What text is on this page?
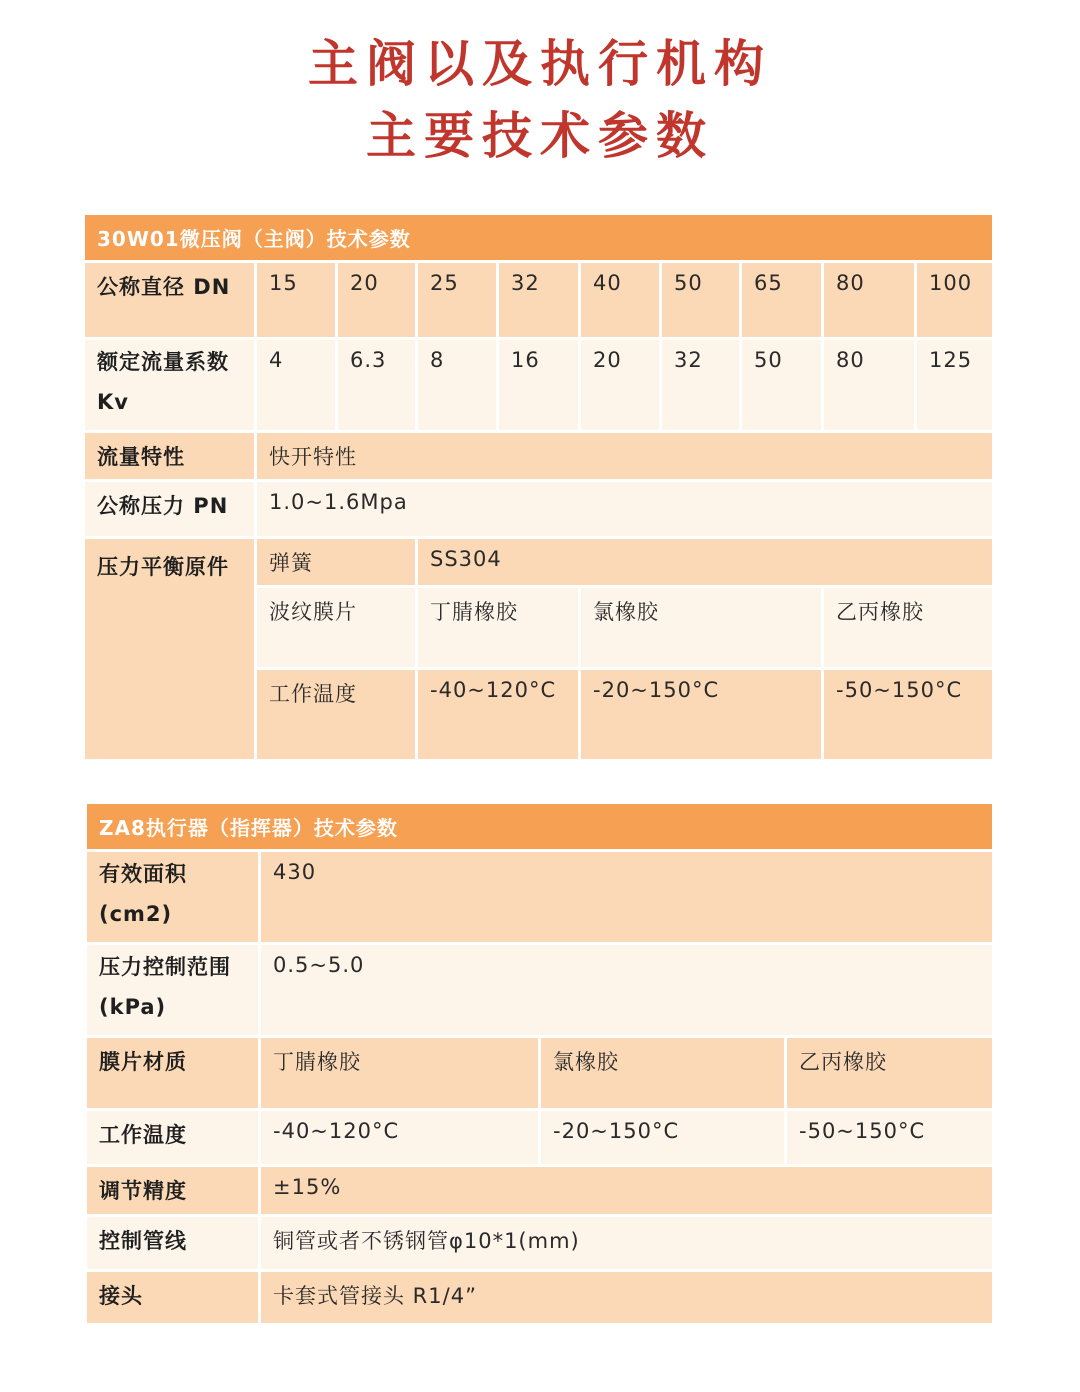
主阀以及执行机构
主要技术参数
30W01微压阀（主阀）技术参数									
公称直径 DN	15	20	25	32	40	50	65	80	100
额定流量系数 Kv	4	6.3	8	16	20	32	50	80	125
流量特性	快开特性								
公称压力 PN	1.0~1.6Mpa								
压力平衡原件	弹簧		SS304						
	波纹膜片		丁腈橡胶		氯橡胶			乙丙橡胶	
	工作温度		-40~120°C		-20~150°C			-50~150°C	
ZA8执行器（指挥器）技术参数			
有效面积(cm2)	430		
压力控制范围(kPa)	0.5~5.0		
膜片材质	丁腈橡胶	氯橡胶	乙丙橡胶
工作温度	-40~120°C	-20~150°C	-50~150°C
调节精度	±15%		
控制管线	铜管或者不锈钢管φ10*1(mm)		
接头	卡套式管接头 R1/4”		
